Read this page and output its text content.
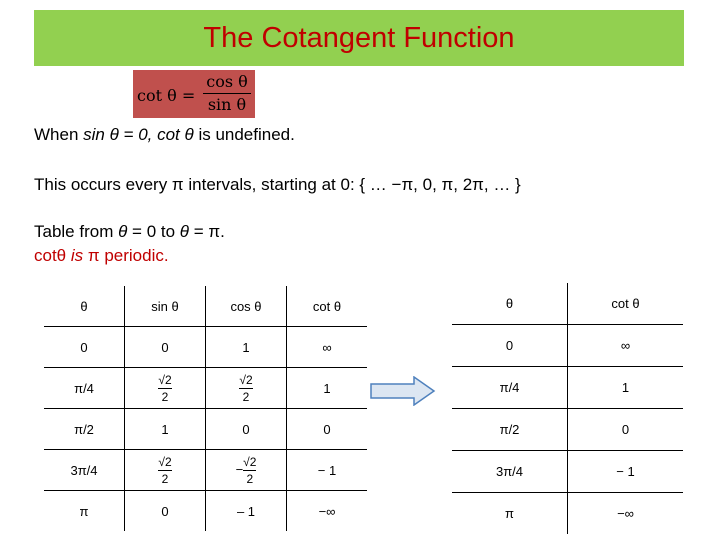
The Cotangent Function
cot θ =
cos θ
sin θ
When sin θ = 0, cot θ is undefined.
This occurs every π intervals, starting at 0: { … −π, 0, π, 2π, … }
Table from θ = 0 to θ = π.
cotθ is π periodic.
θ	sin θ	cos θ	cot θ
0	0	1	∞
π/4	$\frac{√2}{2}$	$\frac{√2}{2}$	1
π/2	1	0	0
3π/4	$\frac{√2}{2}$	− $\frac{√2}{2}$	− 1
π	0	– 1	−∞
θ	cot θ
0	∞
π/4	1
π/2	0
3π/4	− 1
π	−∞
